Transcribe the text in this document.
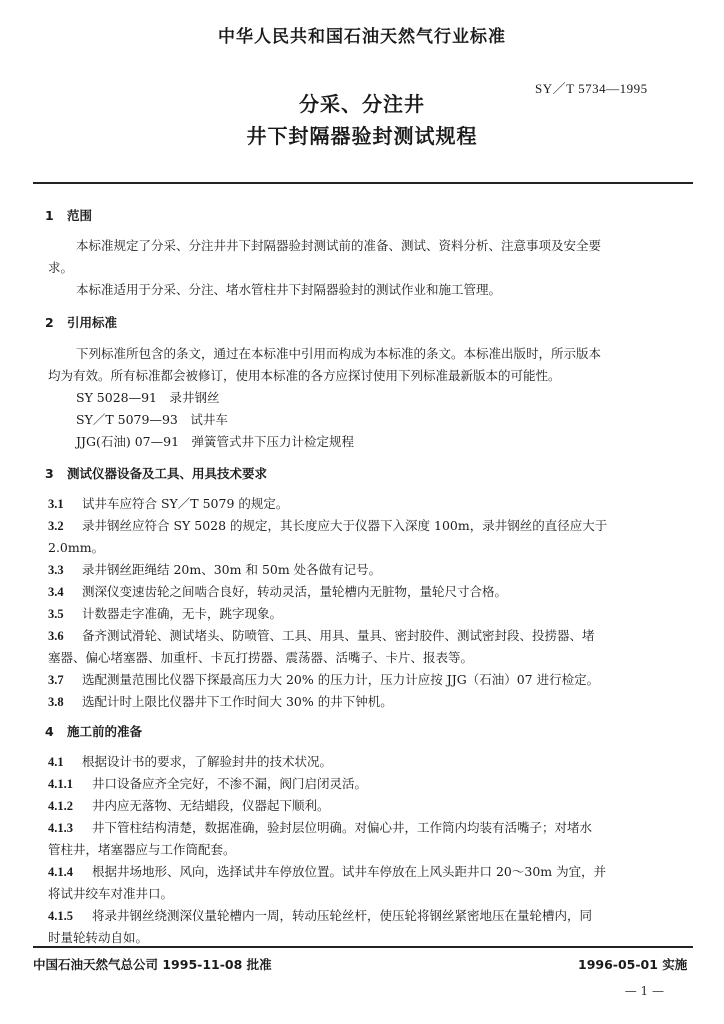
中华人民共和国石油天然气行业标准
SY／T 5734—1995
分采、分注井
井下封隔器验封测试规程
1 范围
本标准规定了分采、分注井井下封隔器验封测试前的准备、测试、资料分析、注意事项及安全要
求。
本标准适用于分采、分注、堵水管柱井下封隔器验封的测试作业和施工管理。
2 引用标准
下列标准所包含的条文，通过在本标准中引用而构成为本标准的条文。本标准出版时，所示版本
均为有效。所有标准都会被修订，使用本标准的各方应探讨使用下列标准最新版本的可能性。
SY 5028—91　录井钢丝
SY／T 5079—93　试井车
JJG(石油) 07—91　弹簧管式井下压力计检定规程
3 测试仪器设备及工具、用具技术要求
3.1 试井车应符合 SY／T 5079 的规定。
3.2 录井钢丝应符合 SY 5028 的规定，其长度应大于仪器下入深度 100m，录井钢丝的直径应大于
2.0mm。
3.3 录井钢丝距绳结 20m、30m 和 50m 处各做有记号。
3.4 测深仪变速齿轮之间啮合良好，转动灵活，量轮槽内无脏物，量轮尺寸合格。
3.5 计数器走字准确，无卡，跳字现象。
3.6 备齐测试滑轮、测试堵头、防喷管、工具、用具、量具、密封胶件、测试密封段、投捞器、堵
塞器、偏心堵塞器、加重杆、卡瓦打捞器、震荡器、活嘴子、卡片、报表等。
3.7 选配测量范围比仪器下探最高压力大 20% 的压力计，压力计应按 JJG（石油）07 进行检定。
3.8 选配计时上限比仪器井下工作时间大 30% 的井下钟机。
4 施工前的准备
4.1 根据设计书的要求，了解验封井的技术状况。
4.1.1 井口设备应齐全完好，不渗不漏，阀门启闭灵活。
4.1.2 井内应无落物、无结蜡段，仪器起下顺利。
4.1.3 井下管柱结构清楚，数据准确，验封层位明确。对偏心井，工作筒内均装有活嘴子；对堵水
管柱井，堵塞器应与工作筒配套。
4.1.4 根据井场地形、风向，选择试井车停放位置。试井车停放在上风头距井口 20～30m 为宜，并
将试井绞车对准井口。
4.1.5 将录井钢丝绕测深仪量轮槽内一周，转动压轮丝杆，使压轮将钢丝紧密地压在量轮槽内，同
时量轮转动自如。
中国石油天然气总公司 1995-11-08 批准	1996-05-01 实施
— 1 —
